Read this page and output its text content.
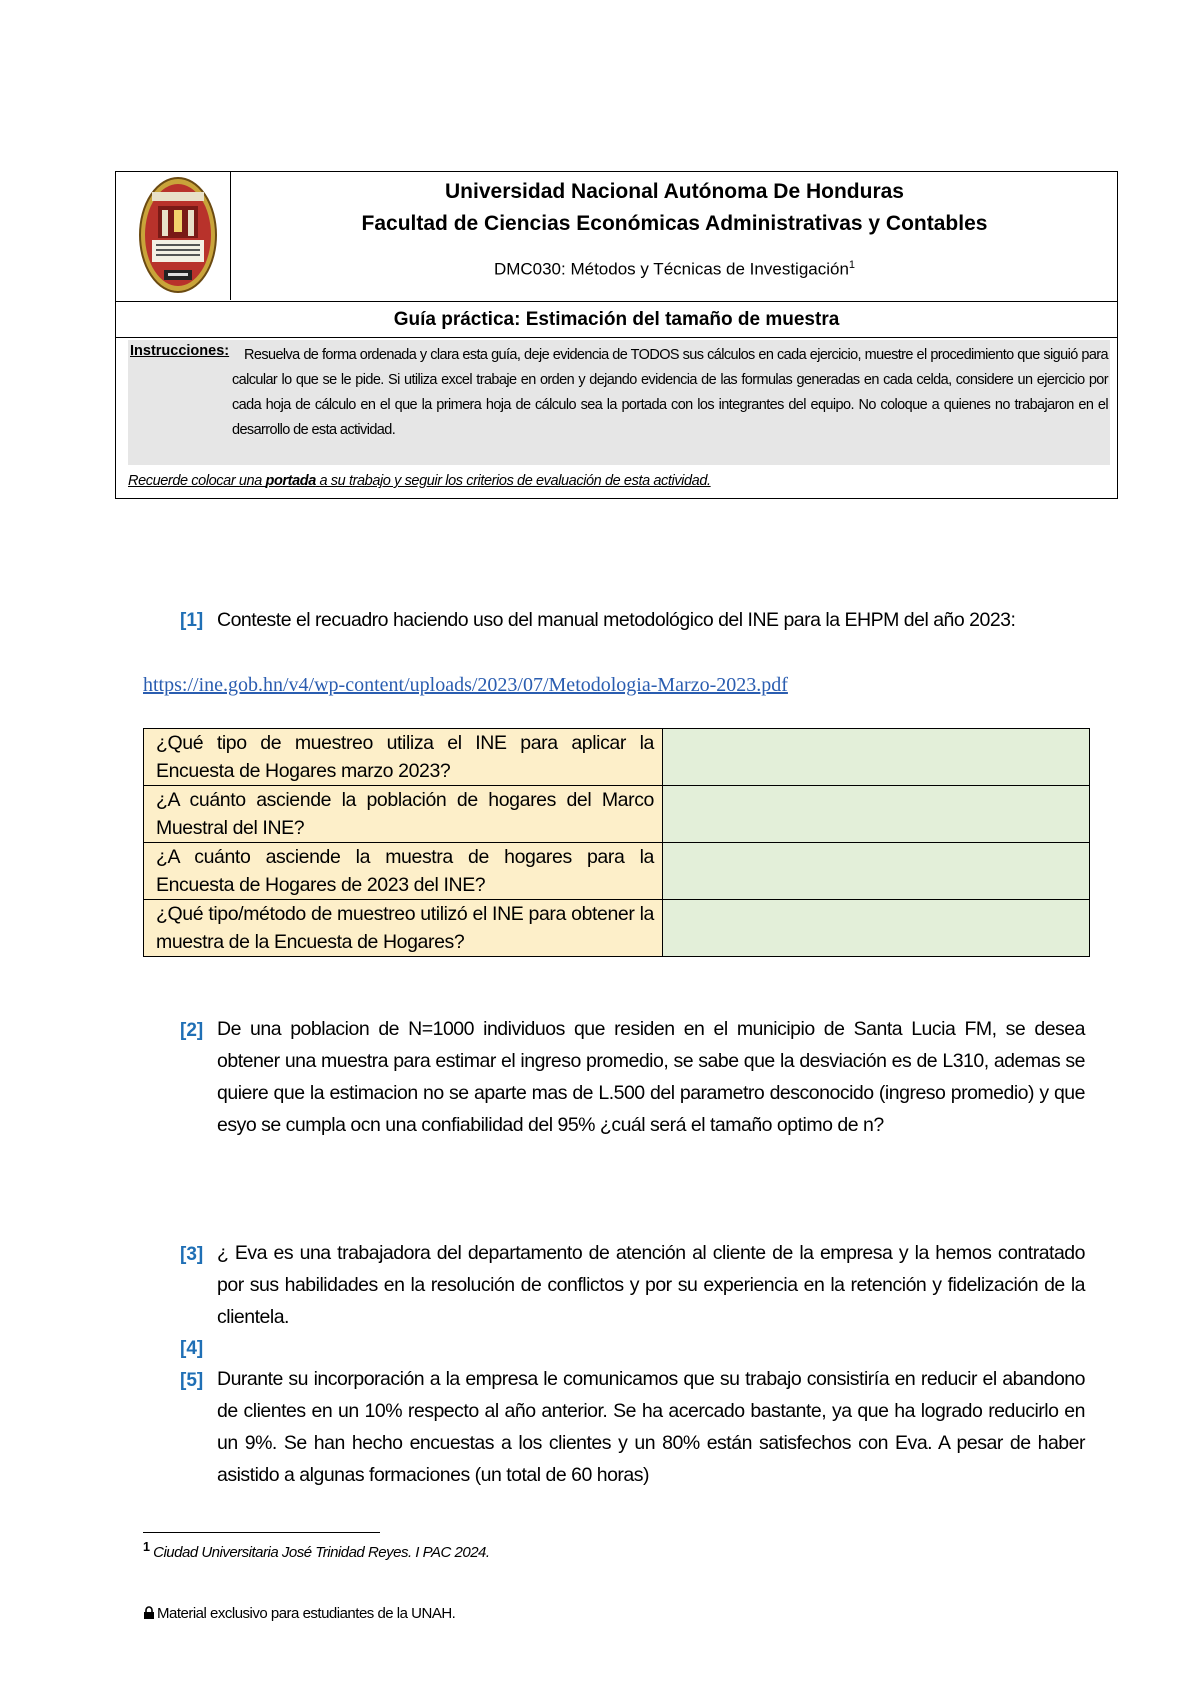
Universidad Nacional Autónoma De Honduras
Facultad de Ciencias Económicas Administrativas y Contables
DMC030: Métodos y Técnicas de Investigación$^1$
Guía práctica: Estimación del tamaño de muestra
Instrucciones:	Resuelva de forma ordenada y clara esta guía, deje evidencia de TODOS sus cálculos en cada ejercicio, muestre el procedimiento que siguió para calcular lo que se le pide. Si utiliza excel trabaje en orden y dejando evidencia de las formulas generadas en cada celda, considere un ejercicio por cada hoja de cálculo en el que la primera hoja de cálculo sea la portada con los integrantes del equipo. No coloque a quienes no trabajaron en el desarrollo de esta actividad.
Recuerde colocar una portada a su trabajo y seguir los criterios de evaluación de esta actividad.
[1] Conteste el recuadro haciendo uso del manual metodológico del INE para la EHPM del año 2023:
https://ine.gob.hn/v4/wp-content/uploads/2023/07/Metodologia-Marzo-2023.pdf
¿Qué tipo de muestreo utiliza el INE para aplicar la Encuesta de Hogares marzo 2023?	
¿A cuánto asciende la población de hogares del Marco Muestral del INE?	
¿A cuánto asciende la muestra de hogares para la Encuesta de Hogares de 2023 del INE?	
¿Qué tipo/método de muestreo utilizó el INE para obtener la muestra de la Encuesta de Hogares?	
[2] De una poblacion de N=1000 individuos que residen en el municipio de Santa Lucia FM, se desea obtener una muestra para estimar el ingreso promedio, se sabe que la desviación es de L310, ademas se quiere que la estimacion no se aparte mas de L.500 del parametro desconocido (ingreso promedio) y que esyo se cumpla ocn una confiabilidad del 95% ¿cuál será el tamaño optimo de n?
[3] ¿ Eva es una trabajadora del departamento de atención al cliente de la empresa y la hemos contratado por sus habilidades en la resolución de conflictos y por su experiencia en la retención y fidelización de la clientela.
[4]
[5] Durante su incorporación a la empresa le comunicamos que su trabajo consistiría en reducir el abandono de clientes en un 10% respecto al año anterior. Se ha acercado bastante, ya que ha logrado reducirlo en un 9%. Se han hecho encuestas a los clientes y un 80% están satisfechos con Eva. A pesar de haber asistido a algunas formaciones (un total de 60 horas)
$^1$ Ciudad Universitaria José Trinidad Reyes. I PAC 2024.
Material exclusivo para estudiantes de la UNAH.
